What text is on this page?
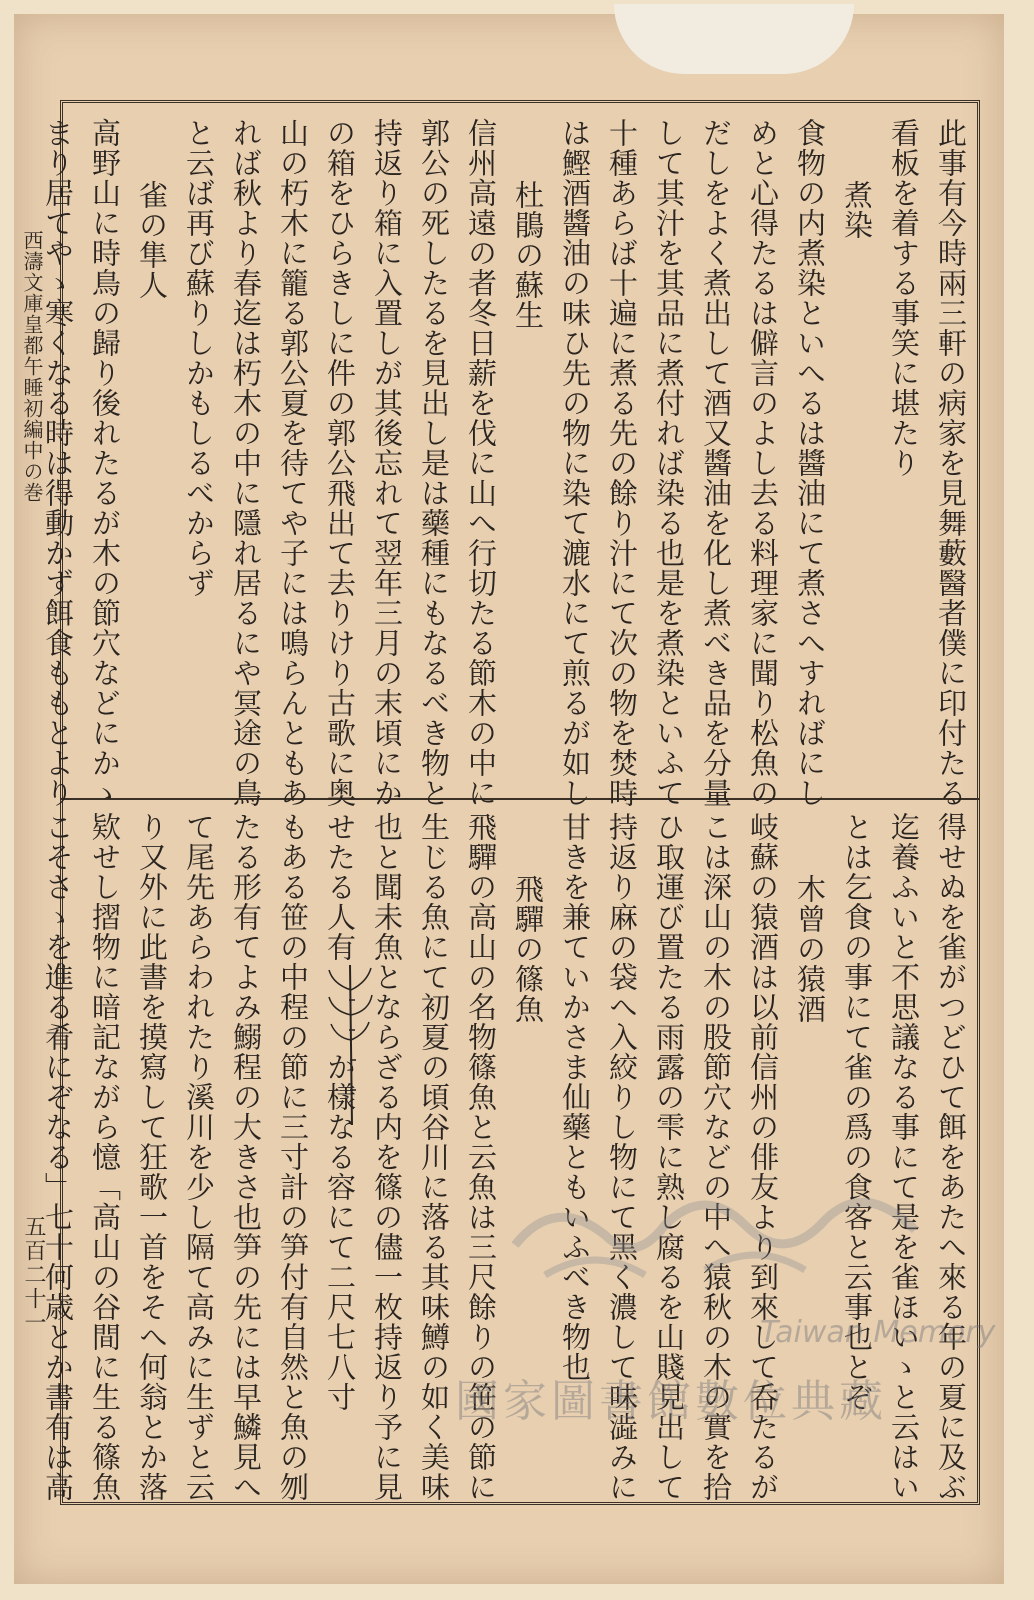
西濤文庫皇都午睡初編中の巻
五百二十一
此事有今時兩三軒の病家を見舞藪醫者僕に印付たる
看板を着する事笑に堪たり
煮染
食物の内煮染といへるは醬油にて煮さへすればにし
めと心得たるは僻言のよし去る料理家に聞り松魚の
だしをよく煮出して酒又醬油を化し煮べき品を分量
して其汁を其品に煮付れば染る也是を煮染といふて
十種あらば十遍に煮る先の餘り汁にて次の物を焚時
は鰹酒醬油の味ひ先の物に染て漉水にて煎るが如し
杜鵑の蘇生
信州高遠の者冬日薪を伐に山へ行切たる節木の中に
郭公の死したるを見出し是は藥種にもなるべき物と
持返り箱に入置しが其後忘れて翌年三月の末頃にか
の箱をひらきしに件の郭公飛出て去りけり古歌に奥
山の朽木に籠る郭公夏を待てや子には鳴らんともあ
れば秋より春迄は朽木の中に隱れ居るにや冥途の鳥
と云ば再び蘇りしかもしるべからず
雀の隼人
高野山に時鳥の歸り後れたるが木の節穴などにかゝ
まり居てやゝ寒くなる時は得動かず餌食ももとより
得せぬを雀がつどひて餌をあたへ來る年の夏に及ぶ
迄養ふいと不思議なる事にて是を雀ほいゝと云はい
とは乞食の事にて雀の爲の食客と云事也とぞ
木曾の猿酒
岐蘇の猿酒は以前信州の俳友より到來して呑たるが
こは深山の木の股節穴などの中へ猿秋の木の實を拾
ひ取運び置たる雨露の雫に熟し腐るを山賤見出して
持返り麻の袋へ入絞りし物にて黑く濃して味澁みに
甘きを兼ていかさま仙藥ともいふべき物也
飛驒の篠魚
飛驒の高山の名物篠魚と云魚は三尺餘りの笹の節に
生じる魚にて初夏の頃谷川に落る其味鱒の如く美味
也と聞未魚とならざる内を篠の儘一枚持返り予に見
せたる人有　　　か樣なる容にて二尺七八寸
もある笹の中程の節に三寸計の笋付有自然と魚の刎
たる形有てよみ鰯程の大きさ也笋の先には早鱗見へ
て尾先あらわれたり溪川を少し隔て高みに生ずと云
り又外に此書を摸寫して狂歌一首をそへ何翁とか落
欵せし摺物に暗記ながら憶「高山の谷間に生る篠魚
こそさゝを進る肴にぞなる」七十何歳とか書有は高	Taiwan Memory
國家圖書館數位典藏
